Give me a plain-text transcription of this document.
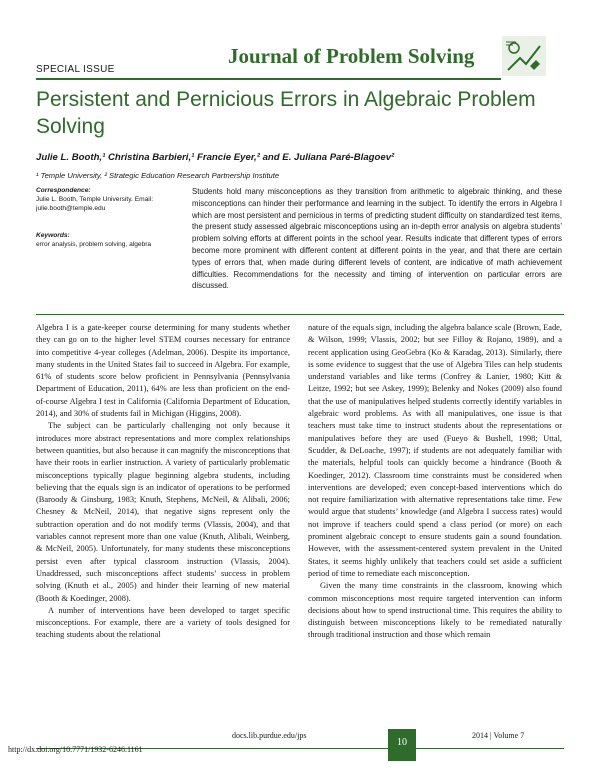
SPECIAL ISSUE
Journal of Problem Solving
Persistent and Pernicious Errors in Algebraic Problem Solving
Julie L. Booth,¹ Christina Barbieri,¹ Francie Eyer,² and E. Juliana Paré-Blagoev²
¹ Temple University, ² Strategic Education Research Partnership Institute
Correspondence:
Julie L. Booth, Temple University. Email: julie.booth@temple.edu
Keywords:
error analysis, problem solving, algebra
Students hold many misconceptions as they transition from arithmetic to algebraic thinking, and these misconceptions can hinder their performance and learning in the subject. To identify the errors in Algebra I which are most persistent and pernicious in terms of predicting student difficulty on standardized test items, the present study assessed algebraic misconceptions using an in-depth error analysis on algebra students’ problem solving efforts at different points in the school year. Results indicate that different types of errors become more prominent with different content at different points in the year, and that there are certain types of errors that, when made during different levels of content, are indicative of math achievement difficulties. Recommendations for the necessity and timing of intervention on particular errors are discussed.

Algebra I is a gate-keeper course determining for many students whether they can go on to the higher level STEM courses necessary for entrance into competitive 4-year colleges (Adelman, 2006). Despite its importance, many students in the United States fail to succeed in Algebra. For example, 61% of students score below proficient in Pennsylvania (Pennsylvania Department of Education, 2011), 64% are less than proficient on the end-of-course Algebra I test in California (California Department of Education, 2014), and 30% of students fail in Michigan (Higgins, 2008).

The subject can be particularly challenging not only because it introduces more abstract representations and more complex relationships between quantities, but also because it can magnify the misconceptions that have their roots in earlier instruction. A variety of particularly problematic misconceptions typically plague beginning algebra students, including believing that the equals sign is an indicator of operations to be performed (Baroody & Ginsburg, 1983; Knuth, Stephens, McNeil, & Alibali, 2006; Chesney & McNeil, 2014), that negative signs represent only the subtraction operation and do not modify terms (Vlassis, 2004), and that variables cannot represent more than one value (Knuth, Alibali, Weinberg, & McNeil, 2005). Unfortunately, for many students these misconceptions persist even after typical classroom instruction (Vlassis, 2004). Unaddressed, such misconceptions affect students’ success in problem solving (Knuth et al., 2005) and hinder their learning of new material (Booth & Koedinger, 2008).

A number of interventions have been developed to target specific misconceptions. For example, there are a variety of tools designed for teaching students about the relational

nature of the equals sign, including the algebra balance scale (Brown, Eade, & Wilson, 1999; Vlassis, 2002; but see Filloy & Rojano, 1989), and a recent application using GeoGebra (Ko & Karadag, 2013). Similarly, there is some evidence to suggest that the use of Algebra Tiles can help students understand variables and like terms (Confrey & Lanier, 1980; Kitt & Leitze, 1992; but see Askey, 1999); Belenky and Nokes (2009) also found that the use of manipulatives helped students correctly identify variables in algebraic word problems. As with all manipulatives, one issue is that teachers must take time to instruct students about the representations or manipulatives before they are used (Fueyo & Bushell, 1998; Uttal, Scudder, & DeLoache, 1997); if students are not adequately familiar with the materials, helpful tools can quickly become a hindrance (Booth & Koedinger, 2012). Classroom time constraints must be considered when interventions are developed; even concept-based interventions which do not require familiarization with alternative representations take time. Few would argue that students’ knowledge (and Algebra I success rates) would not improve if teachers could spend a class period (or more) on each prominent algebraic concept to ensure students gain a sound foundation. However, with the assessment-centered system prevalent in the United States, it seems highly unlikely that teachers could set aside a sufficient period of time to remediate each misconception.

Given the many time constraints in the classroom, knowing which common misconceptions most require targeted intervention can inform decisions about how to spend instructional time. This requires the ability to distinguish between misconceptions likely to be remediated naturally through traditional instruction and those which remain

http://dx.doi.org/10.7771/1932-6246.1161
docs.lib.purdue.edu/jps
10
2014 | Volume 7
